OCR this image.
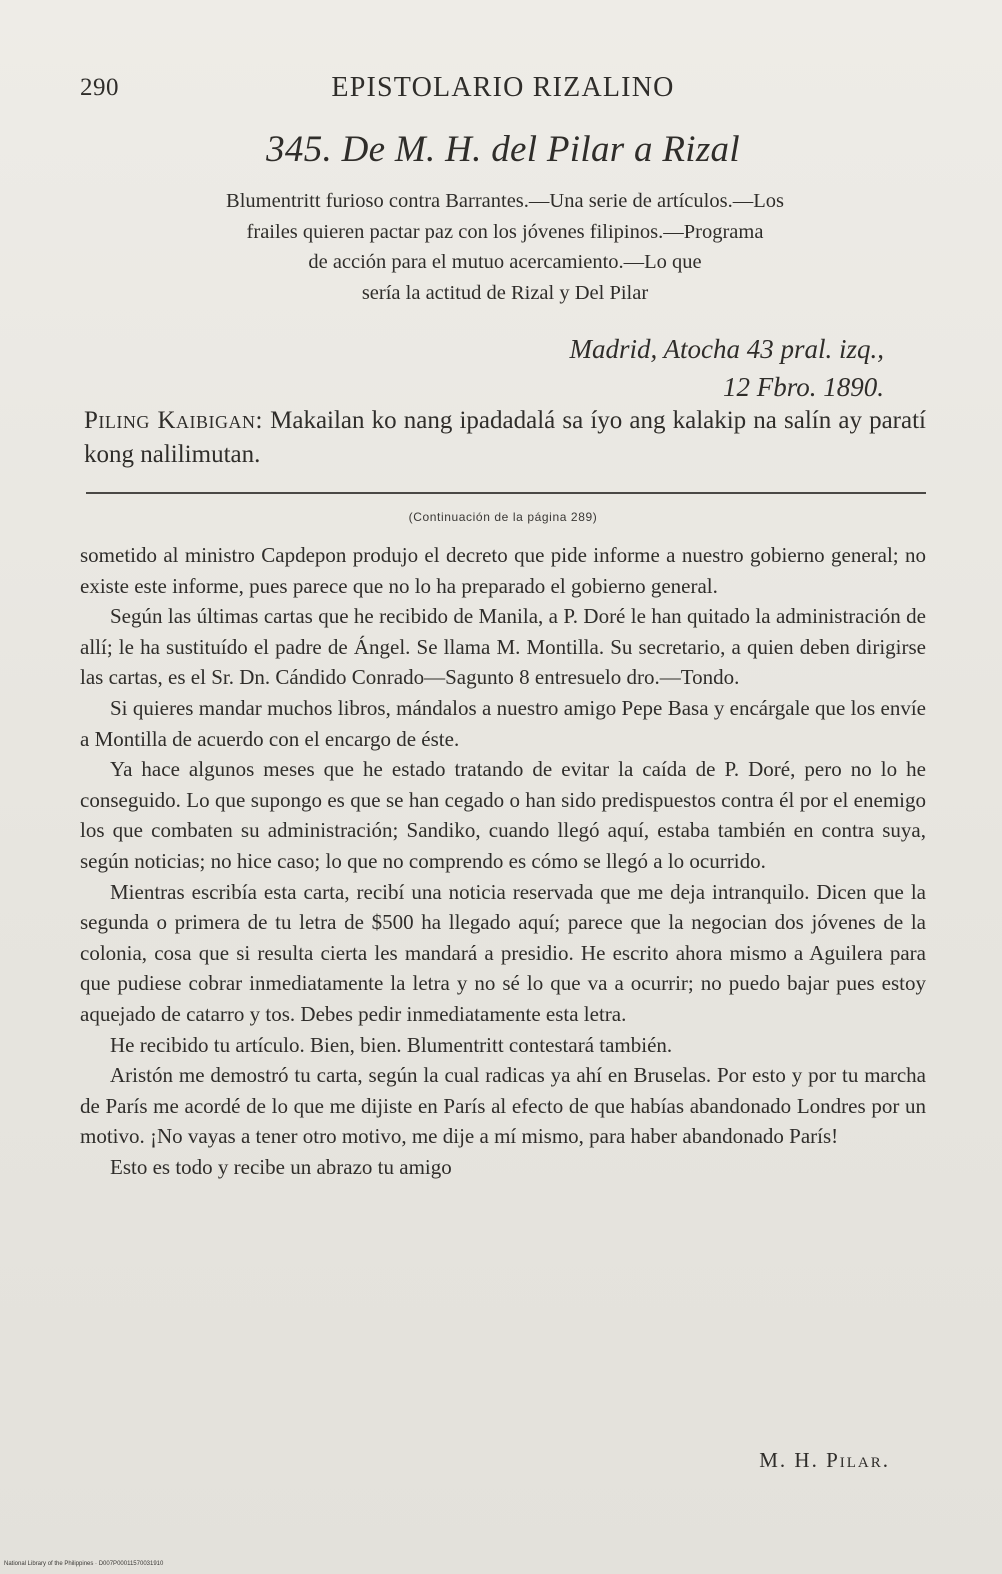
290	EPISTOLARIO RIZALINO
345. De M. H. del Pilar a Rizal
Blumentritt furioso contra Barrantes.—Una serie de artículos.—Los
frailes quieren pactar paz con los jóvenes filipinos.—Programa
de acción para el mutuo acercamiento.—Lo que
sería la actitud de Rizal y Del Pilar
Madrid, Atocha 43 pral. izq.,
12 Fbro. 1890.
Piling Kaibigan: Makailan ko nang ipadadalá sa íyo ang kalakip na salín ay paratí kong nalilimutan.
(Continuación de la página 289)

sometido al ministro Capdepon produjo el decreto que pide informe a nuestro gobierno general; no existe este informe, pues parece que no lo ha preparado el gobierno general.

Según las últimas cartas que he recibido de Manila, a P. Doré le han quitado la administración de allí; le ha sustituído el padre de Ángel. Se llama M. Montilla. Su secretario, a quien deben dirigirse las cartas, es el Sr. Dn. Cándido Conrado—Sagunto 8 entresuelo dro.—Tondo.

Si quieres mandar muchos libros, mándalos a nuestro amigo Pepe Basa y encárgale que los envíe a Montilla de acuerdo con el encargo de éste.

Ya hace algunos meses que he estado tratando de evitar la caída de P. Doré, pero no lo he conseguido. Lo que supongo es que se han cegado o han sido predispuestos contra él por el enemigo los que combaten su administración; Sandiko, cuando llegó aquí, estaba también en contra suya, según noticias; no hice caso; lo que no comprendo es cómo se llegó a lo ocurrido.

Mientras escribía esta carta, recibí una noticia reservada que me deja intranquilo. Dicen que la segunda o primera de tu letra de $500 ha llegado aquí; parece que la negocian dos jóvenes de la colonia, cosa que si resulta cierta les mandará a presidio. He escrito ahora mismo a Aguilera para que pudiese cobrar inmediatamente la letra y no sé lo que va a ocurrir; no puedo bajar pues estoy aquejado de catarro y tos. Debes pedir inmediatamente esta letra.

He recibido tu artículo. Bien, bien. Blumentritt contestará también.

Aristón me demostró tu carta, según la cual radicas ya ahí en Bruselas. Por esto y por tu marcha de París me acordé de lo que me dijiste en París al efecto de que habías abandonado Londres por un motivo. ¡No vayas a tener otro motivo, me dije a mí mismo, para haber abandonado París!

Esto es todo y recibe un abrazo tu amigo

M. H. Pilar.
National Library of the Philippines · D007P00011570031910
